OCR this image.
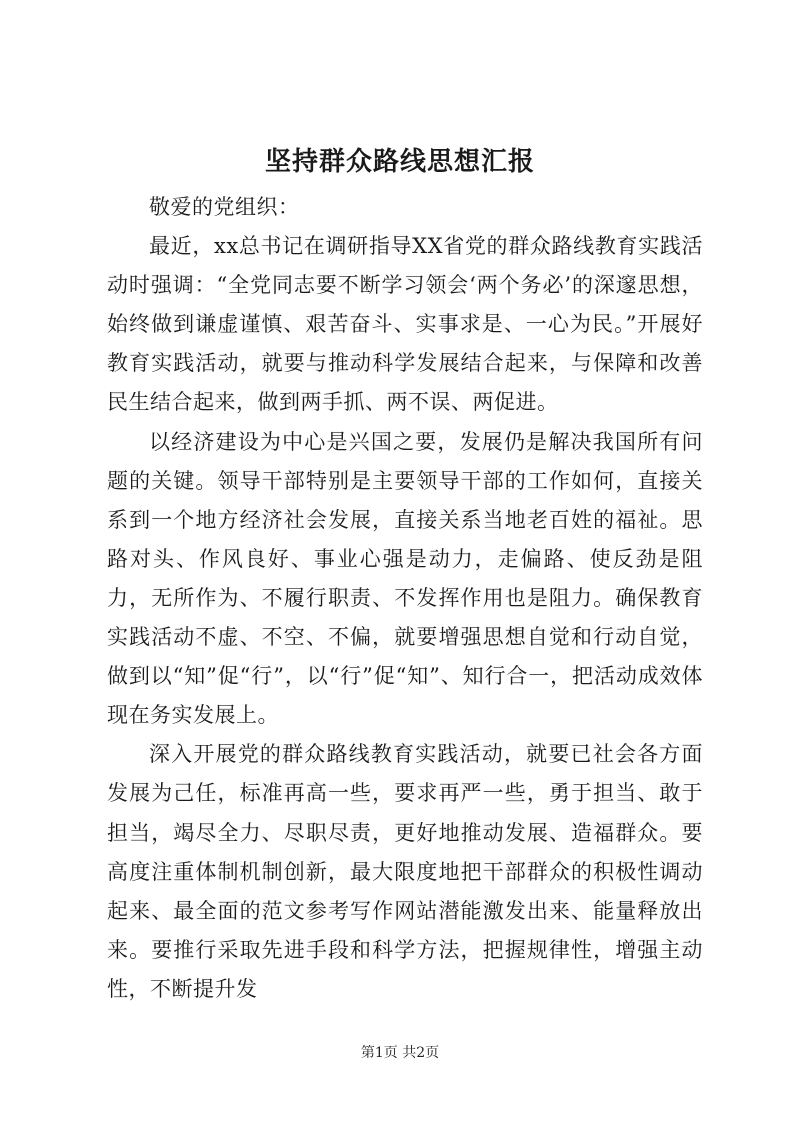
坚持群众路线思想汇报

敬爱的党组织：

最近，xx总书记在调研指导XX省党的群众路线教育实践活动时强调：“全党同志要不断学习领会‘两个务必’的深邃思想，始终做到谦虚谨慎、艰苦奋斗、实事求是、一心为民。”开展好教育实践活动，就要与推动科学发展结合起来，与保障和改善民生结合起来，做到两手抓、两不误、两促进。

以经济建设为中心是兴国之要，发展仍是解决我国所有问题的关键。领导干部特别是主要领导干部的工作如何，直接关系到一个地方经济社会发展，直接关系当地老百姓的福祉。思路对头、作风良好、事业心强是动力，走偏路、使反劲是阻力，无所作为、不履行职责、不发挥作用也是阻力。确保教育实践活动不虚、不空、不偏，就要增强思想自觉和行动自觉，做到以“知”促“行”，以“行”促“知”、知行合一，把活动成效体现在务实发展上。

深入开展党的群众路线教育实践活动，就要已社会各方面发展为己任，标准再高一些，要求再严一些，勇于担当、敢于担当，竭尽全力、尽职尽责，更好地推动发展、造福群众。要高度注重体制机制创新，最大限度地把干部群众的积极性调动起来、最全面的范文参考写作网站潜能激发出来、能量释放出来。要推行采取先进手段和科学方法，把握规律性，增强主动性，不断提升发

第1页 共2页
